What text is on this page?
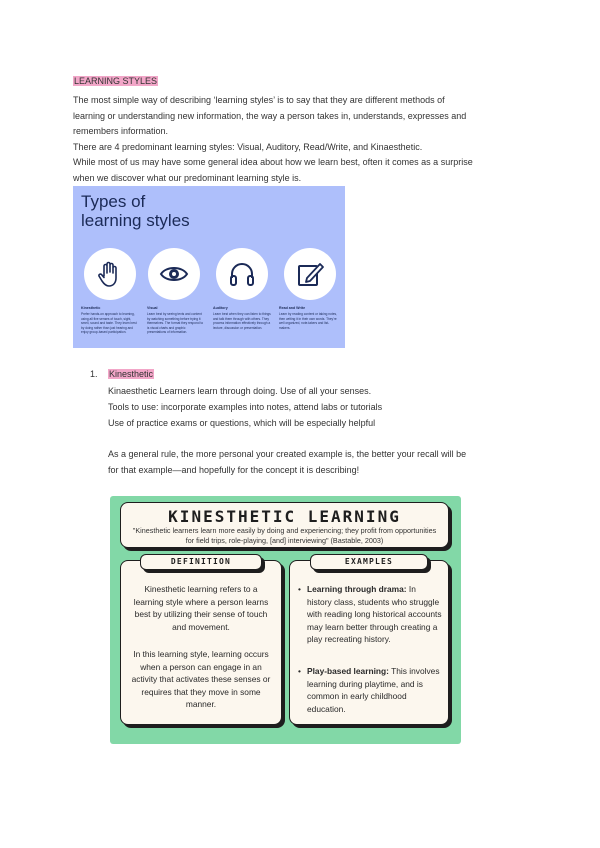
LEARNING STYLES
The most simple way of describing ‘learning styles’ is to say that they are different methods of
learning or understanding new information, the way a person takes in, understands, expresses and
remembers information.
There are 4 predominant learning styles: Visual, Auditory, Read/Write, and Kinaesthetic.
While most of us may have some general idea about how we learn best, often it comes as a surprise
when we discover what our predominant learning style is.
Types of
learning styles
Kinesthetic
Prefer hands-on approach to learning, using all five senses of touch, sight, smell, sound and taste. They learn best by doing rather than just hearing and enjoy group-based participation.
Visual
Learn best by seeing texts and content by watching something before trying it themselves. The format they respond to is visual charts and graphic presentations of information.
Auditory
Learn best when they can listen to things and talk them through with others. They process information effectively through a lecture, discussion or presentation.
Read and Write
Learn by reading content or taking notes, then writing it in their own words. They're well organized, note-takers and list-makers.
1. Kinesthetic
Kinaesthetic Learners learn through doing. Use of all your senses.
Tools to use: incorporate examples into notes, attend labs or tutorials
Use of practice exams or questions, which will be especially helpful
As a general rule, the more personal your created example is, the better your recall will be
for that example—and hopefully for the concept it is describing!
KINESTHETIC LEARNING
"Kinesthetic learners learn more easily by doing and experiencing; they profit from opportunities for field trips, role-playing, [and] interviewing" (Bastable, 2003)
Kinesthetic learning refers to a learning style where a person learns best by utilizing their sense of touch and movement.
In this learning style, learning occurs when a person can engage in an activity that activates these senses or requires that they move in some manner.
DEFINITION
• Learning through drama: In history class, students who struggle with reading long historical accounts may learn better through creating a play recreating history.
• Play-based learning: This involves learning during playtime, and is common in early childhood education.
EXAMPLES
